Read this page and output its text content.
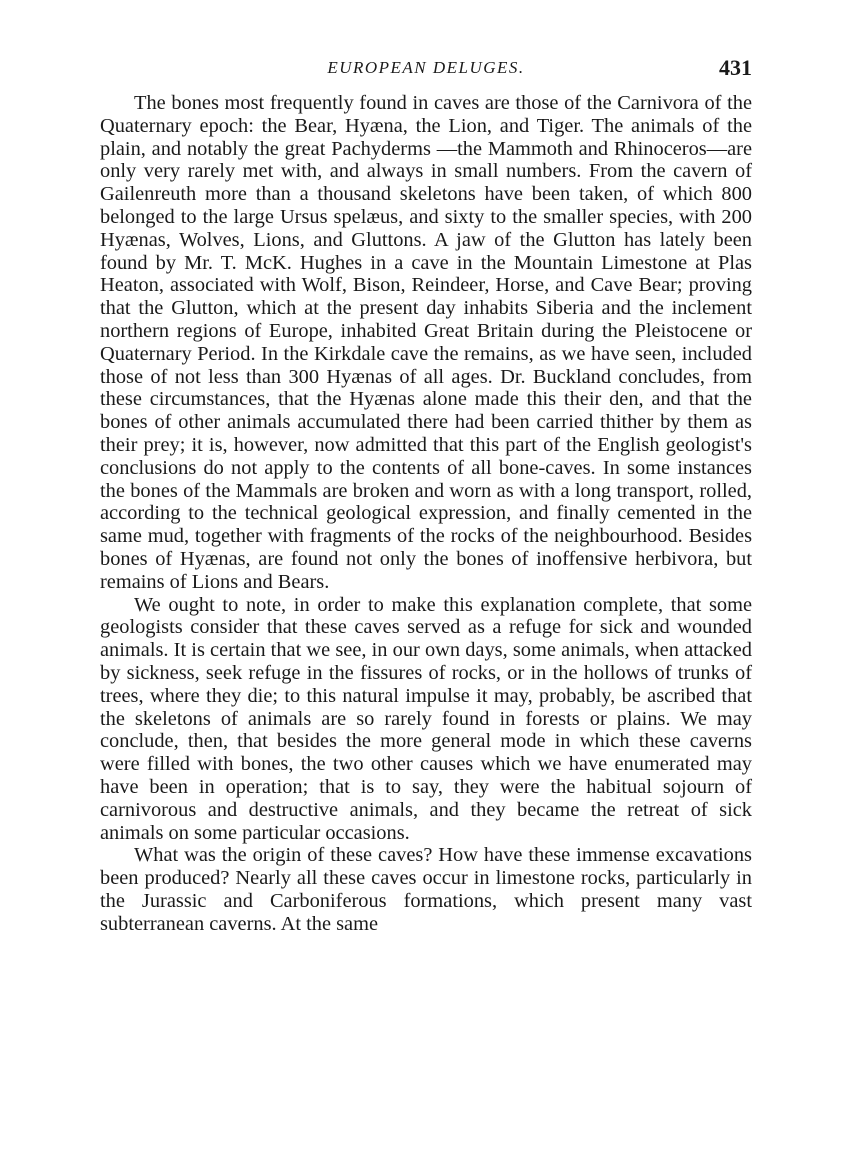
EUROPEAN DELUGES.	431

The bones most frequently found in caves are those of the Carnivora of the Quaternary epoch: the Bear, Hyæna, the Lion, and Tiger. The animals of the plain, and notably the great Pachyderms —the Mammoth and Rhinoceros—are only very rarely met with, and always in small numbers. From the cavern of Gailenreuth more than a thousand skeletons have been taken, of which 800 belonged to the large Ursus spelæus, and sixty to the smaller species, with 200 Hyænas, Wolves, Lions, and Gluttons. A jaw of the Glutton has lately been found by Mr. T. McK. Hughes in a cave in the Mountain Limestone at Plas Heaton, associated with Wolf, Bison, Reindeer, Horse, and Cave Bear; proving that the Glutton, which at the present day inhabits Siberia and the inclement northern regions of Europe, inhabited Great Britain during the Pleistocene or Quaternary Period. In the Kirkdale cave the remains, as we have seen, included those of not less than 300 Hyænas of all ages. Dr. Buckland concludes, from these circumstances, that the Hyænas alone made this their den, and that the bones of other animals accumulated there had been carried thither by them as their prey; it is, however, now admitted that this part of the English geologist's conclusions do not apply to the contents of all bone-caves. In some instances the bones of the Mammals are broken and worn as with a long transport, rolled, according to the technical geological expression, and finally cemented in the same mud, together with fragments of the rocks of the neighbourhood. Besides bones of Hyænas, are found not only the bones of inoffensive herbivora, but remains of Lions and Bears.

We ought to note, in order to make this explanation complete, that some geologists consider that these caves served as a refuge for sick and wounded animals. It is certain that we see, in our own days, some animals, when attacked by sickness, seek refuge in the fissures of rocks, or in the hollows of trunks of trees, where they die; to this natural impulse it may, probably, be ascribed that the skeletons of animals are so rarely found in forests or plains. We may conclude, then, that besides the more general mode in which these caverns were filled with bones, the two other causes which we have enumerated may have been in operation; that is to say, they were the habitual sojourn of carnivorous and destructive animals, and they became the retreat of sick animals on some particular occasions.

What was the origin of these caves? How have these immense excavations been produced? Nearly all these caves occur in limestone rocks, particularly in the Jurassic and Carboniferous formations, which present many vast subterranean caverns. At the same
